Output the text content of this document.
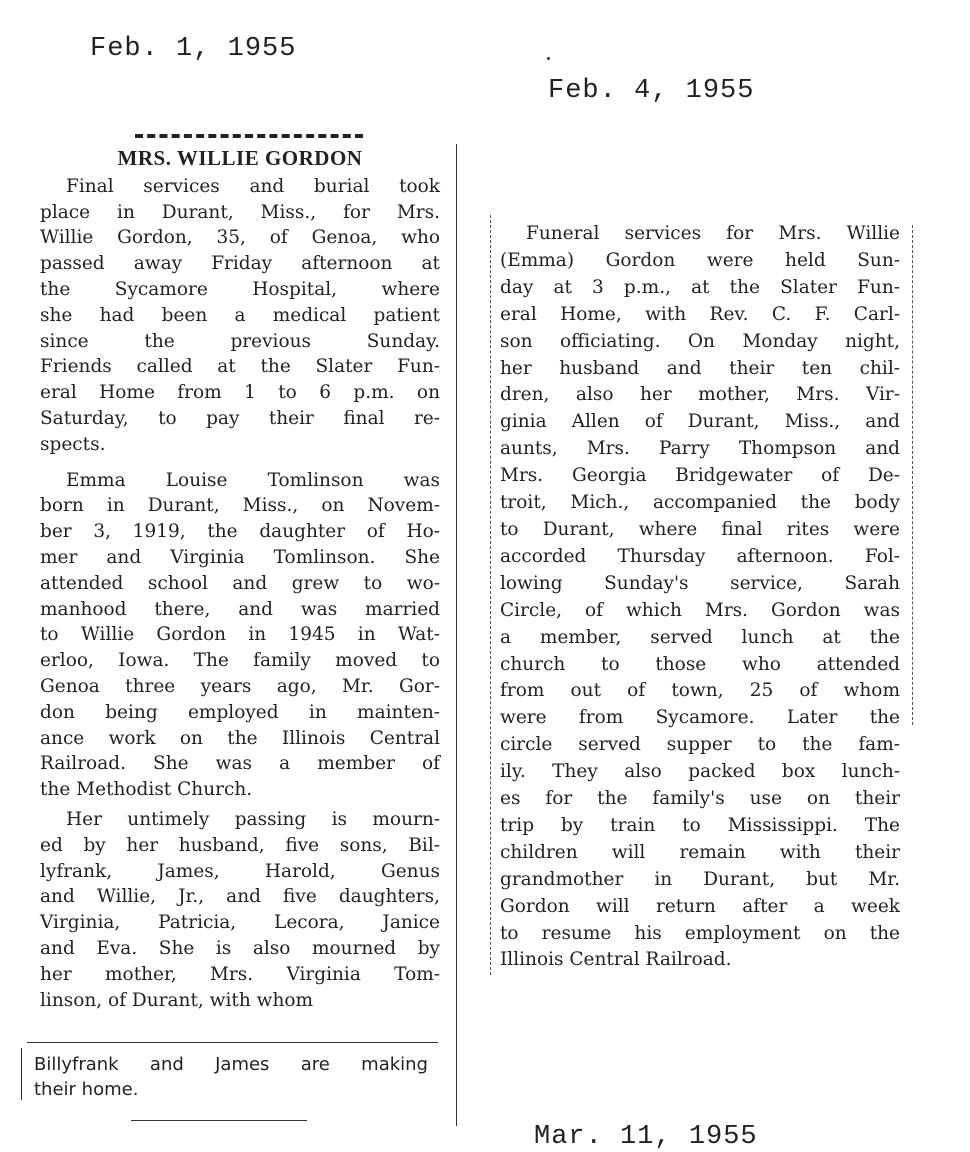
Feb. 1, 1955
Feb. 4, 1955
Mar. 11, 1955
MRS. WILLIE GORDON

Final services and burial took
place in Durant, Miss., for Mrs.
Willie Gordon, 35, of Genoa, who
passed away Friday afternoon at
the Sycamore Hospital, where
she had been a medical patient
since the previous Sunday.
Friends called at the Slater Fun-
eral Home from 1 to 6 p.m. on
Saturday, to pay their final re-
spects.

Emma Louise Tomlinson was
born in Durant, Miss., on Novem-
ber 3, 1919, the daughter of Ho-
mer and Virginia Tomlinson. She
attended school and grew to wo-
manhood there, and was married
to Willie Gordon in 1945 in Wat-
erloo, Iowa. The family moved to
Genoa three years ago, Mr. Gor-
don being employed in mainten-
ance work on the Illinois Central
Railroad. She was a member of
the Methodist Church.

Her untimely passing is mourn-
ed by her husband, five sons, Bil-
lyfrank, James, Harold, Genus
and Willie, Jr., and five daughters,
Virginia, Patricia, Lecora, Janice
and Eva. She is also mourned by
her mother, Mrs. Virginia Tom-
linson, of Durant, with whom

Billyfrank and James are making
their home.

Funeral services for Mrs. Willie
(Emma) Gordon were held Sun-
day at 3 p.m., at the Slater Fun-
eral Home, with Rev. C. F. Carl-
son officiating. On Monday night,
her husband and their ten chil-
dren, also her mother, Mrs. Vir-
ginia Allen of Durant, Miss., and
aunts, Mrs. Parry Thompson and
Mrs. Georgia Bridgewater of De-
troit, Mich., accompanied the body
to Durant, where final rites were
accorded Thursday afternoon. Fol-
lowing Sunday's service, Sarah
Circle, of which Mrs. Gordon was
a member, served lunch at the
church to those who attended
from out of town, 25 of whom
were from Sycamore. Later the
circle served supper to the fam-
ily. They also packed box lunch-
es for the family's use on their
trip by train to Mississippi. The
children will remain with their
grandmother in Durant, but Mr.
Gordon will return after a week
to resume his employment on the
Illinois Central Railroad.
